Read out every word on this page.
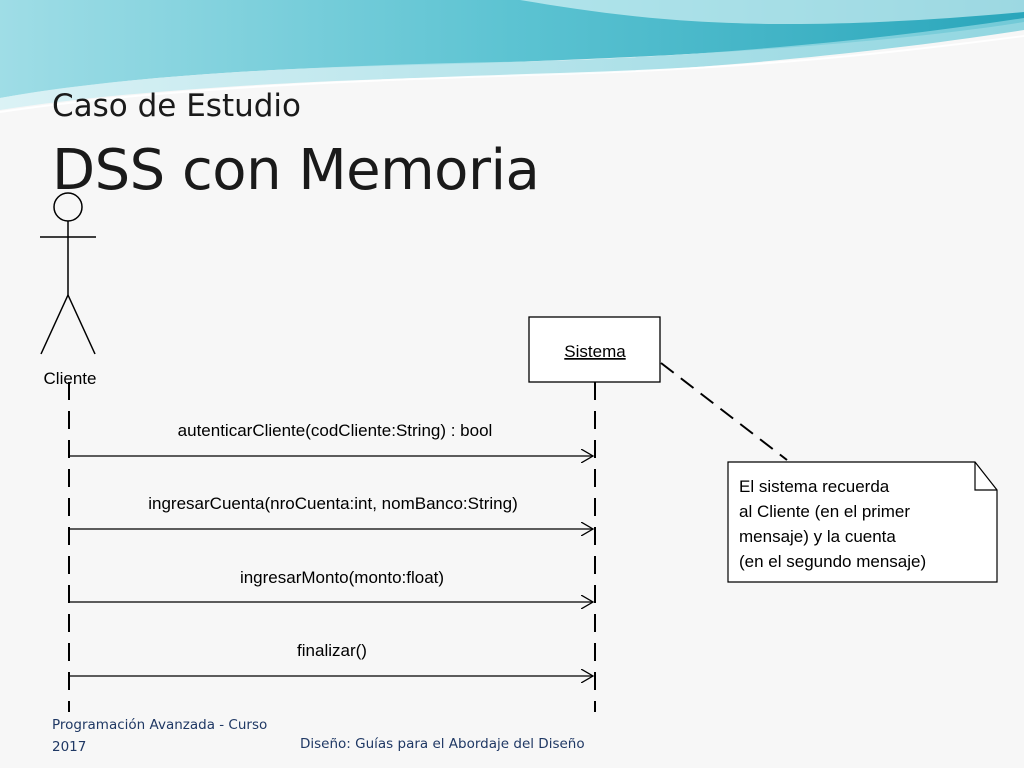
Caso de Estudio
DSS con Memoria
Cliente
Sistema
autenticarCliente(codCliente:String) : bool
ingresarCuenta(nroCuenta:int, nomBanco:String)
ingresarMonto(monto:float)
finalizar()
El sistema recuerda
al Cliente (en el primer
mensaje) y la cuenta
(en el segundo mensaje)
Programación Avanzada - Curso 2017	Diseño: Guías para el Abordaje del Diseño
